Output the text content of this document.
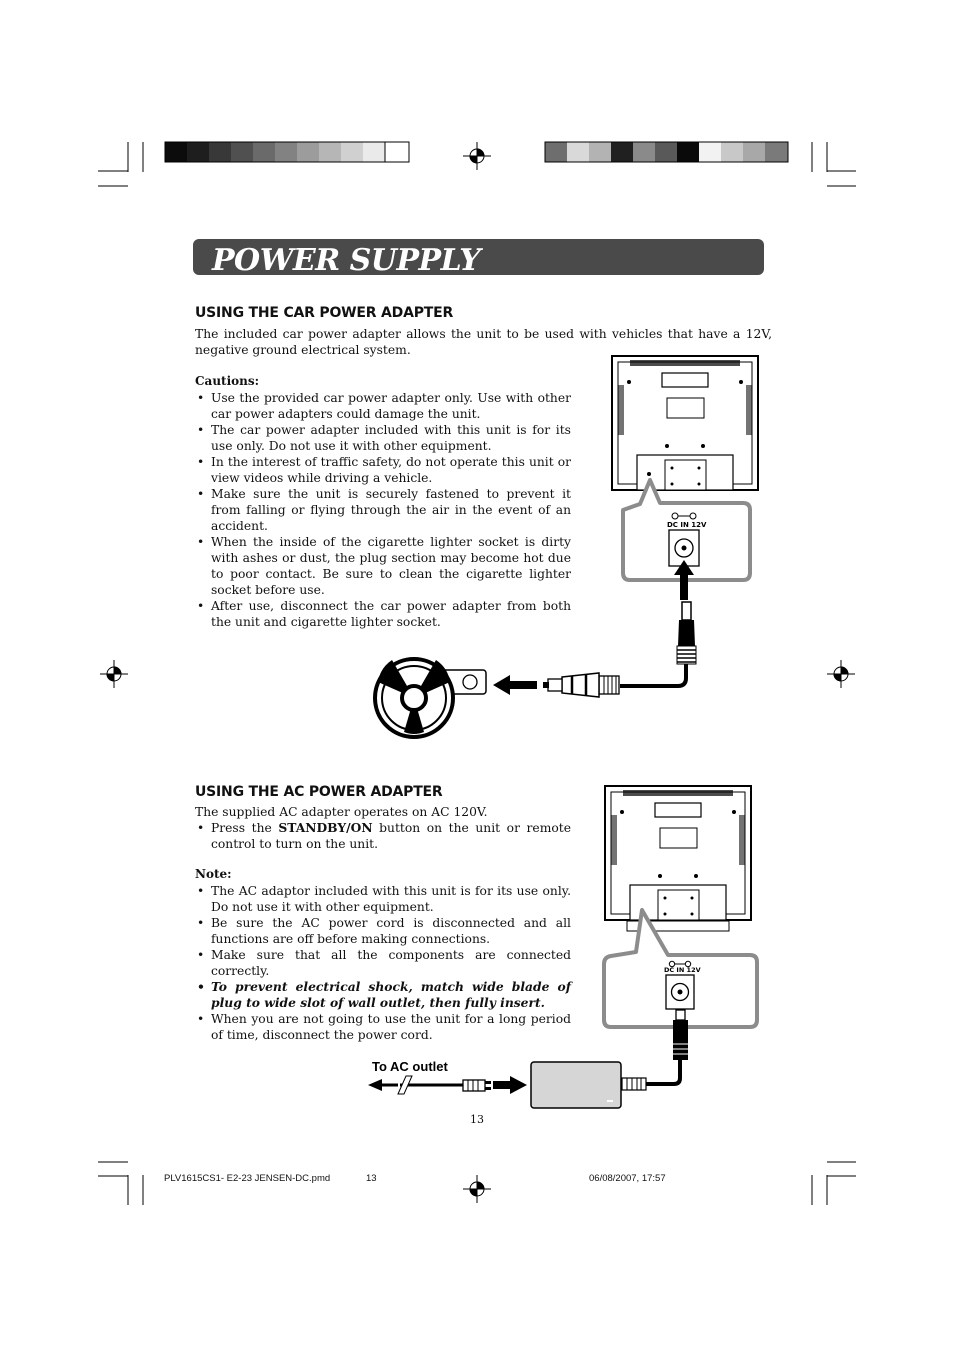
POWER SUPPLY
USING THE CAR POWER ADAPTER
The included car power adapter allows the unit to be used with vehicles that have a 12V, negative ground electrical system.
Cautions:
• Use the provided car power adapter only. Use with other car power adapters could damage the unit.
• The car power adapter included with this unit is for its use only. Do not use it with other equipment.
• In the interest of traffic safety, do not operate this unit or view videos while driving a vehicle.
• Make sure the unit is securely fastened to prevent it from falling or flying through the air in the event of an accident.
• When the inside of the cigarette lighter socket is dirty with ashes or dust, the plug section may become hot due to poor contact. Be sure to clean the cigarette lighter socket before use.
• After use, disconnect the car power adapter from both the unit and cigarette lighter socket.
DC IN 12V
USING THE AC POWER ADAPTER
The supplied AC adapter operates on AC 120V.
• Press the STANDBY/ON button on the unit or remote control to turn on the unit.
Note:
• The AC adaptor included with this unit is for its use only. Do not use it with other equipment.
• Be sure the AC power cord is disconnected and all functions are off before making connections.
• Make sure that all the components are connected correctly.
• To prevent electrical shock, match wide blade of plug to wide slot of wall outlet, then fully insert.
• When you are not going to use the unit for a long period of time, disconnect the power cord.
DC IN 12V
To AC outlet
13
PLV1615CS1- E2-23 JENSEN-DC.pmd	13	06/08/2007, 17:57
